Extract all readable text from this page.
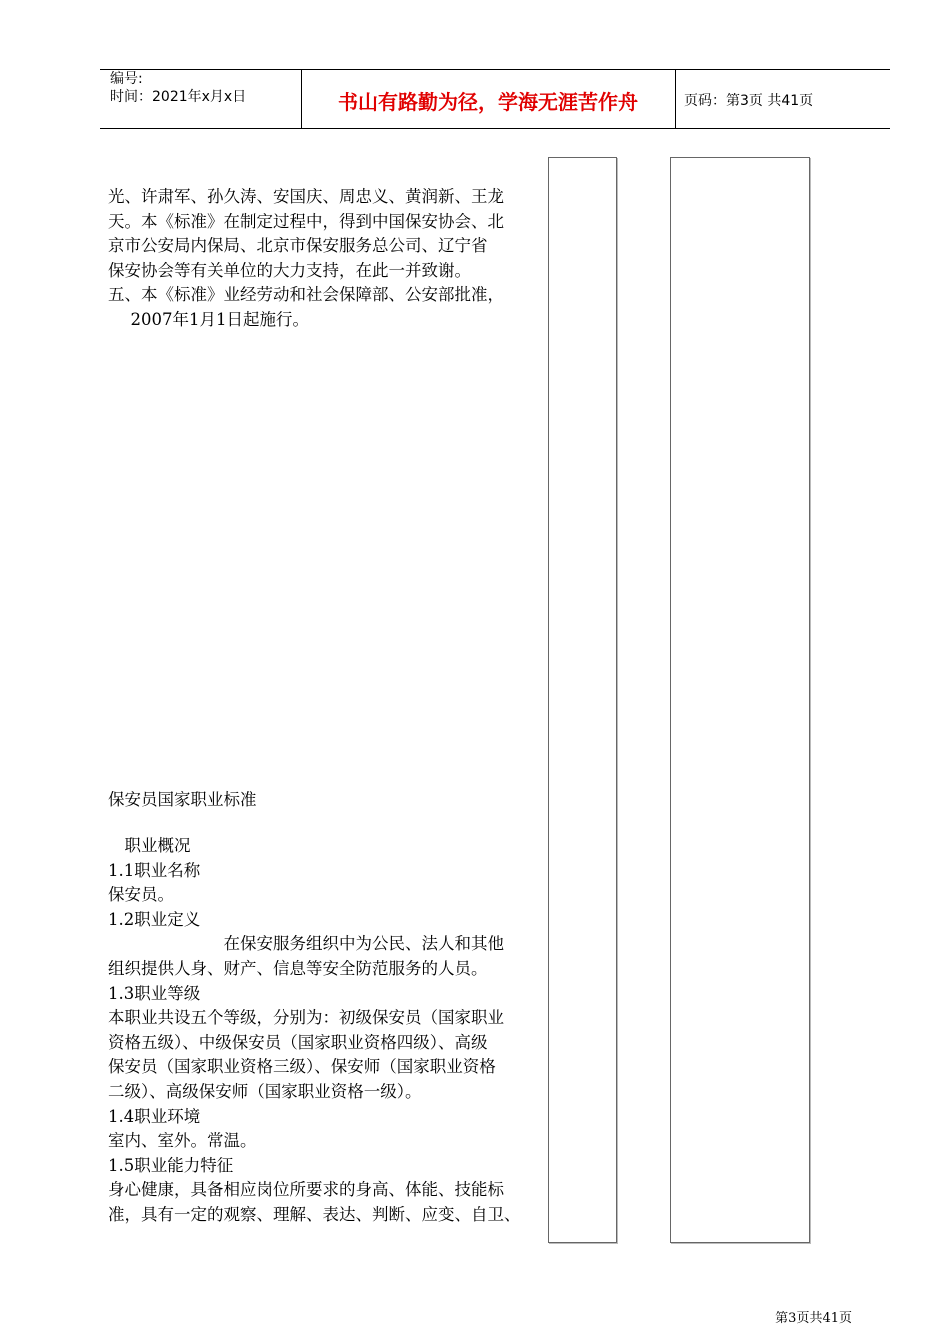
编号:
时间：2021年x月x日	书山有路勤为径，学海无涯苦作舟	页码：第3页 共41页
光、许肃军、孙久涛、安国庆、周忠义、黄润新、王龙
天。本《标准》在制定过程中，得到中国保安协会、北
京市公安局内保局、北京市保安服务总公司、辽宁省
保安协会等有关单位的大力支持，在此一并致谢。
五、本《标准》业经劳动和社会保障部、公安部批准，
　2007年1月1日起施行。
保安员国家职业标准
　职业概况
1.1职业名称
保安员。
1.2职业定义
　　　　　　　在保安服务组织中为公民、法人和其他
组织提供人身、财产、信息等安全防范服务的人员。
1.3职业等级
本职业共设五个等级，分别为：初级保安员（国家职业
资格五级）、中级保安员（国家职业资格四级）、高级
保安员（国家职业资格三级）、保安师（国家职业资格
二级）、高级保安师（国家职业资格一级）。
1.4职业环境
室内、室外。常温。
1.5职业能力特征
身心健康，具备相应岗位所要求的身高、体能、技能标
准，具有一定的观察、理解、表达、判断、应变、自卫、
第3页共41页
